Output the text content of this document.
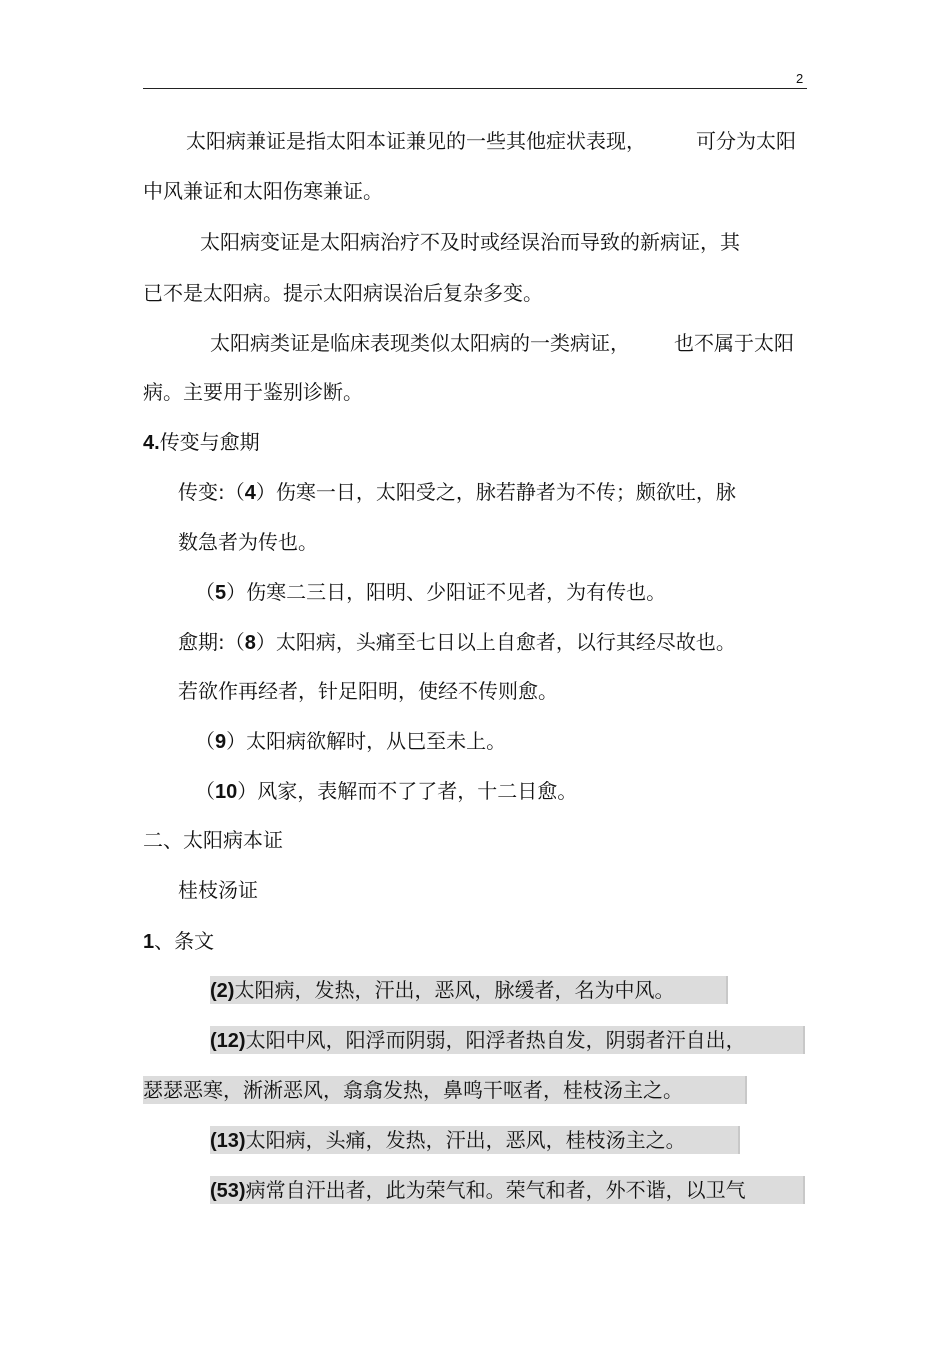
2
太阳病兼证是指太阳本证兼见的一些其他症状表现，	可分为太阳
中风兼证和太阳伤寒兼证。
太阳病变证是太阳病治疗不及时或经误治而导致的新病证，其
已不是太阳病。提示太阳病误治后复杂多变。
太阳病类证是临床表现类似太阳病的一类病证， 也不属于太阳
病。主要用于鉴别诊断。
4.传变与愈期
传变:（4）伤寒一日，太阳受之，脉若静者为不传；颇欲吐，脉
数急者为传也。
（5）伤寒二三日，阳明、少阳证不见者，为有传也。
愈期:（8）太阳病，头痛至七日以上自愈者，以行其经尽故也。
若欲作再经者，针足阳明，使经不传则愈。
（9）太阳病欲解时，从巳至未上。
（10）风家，表解而不了了者，十二日愈。
二、太阳病本证
桂枝汤证
1、条文
(2)太阳病，发热，汗出，恶风，脉缓者，名为中风。
(12)太阳中风，阳浮而阴弱，阳浮者热自发，阴弱者汗自出，
瑟瑟恶寒，淅淅恶风，翕翕发热，鼻鸣干呕者，桂枝汤主之。
(13)太阳病，头痛，发热，汗出，恶风，桂枝汤主之。
(53)病常自汗出者，此为荣气和。荣气和者，外不谐，以卫气
